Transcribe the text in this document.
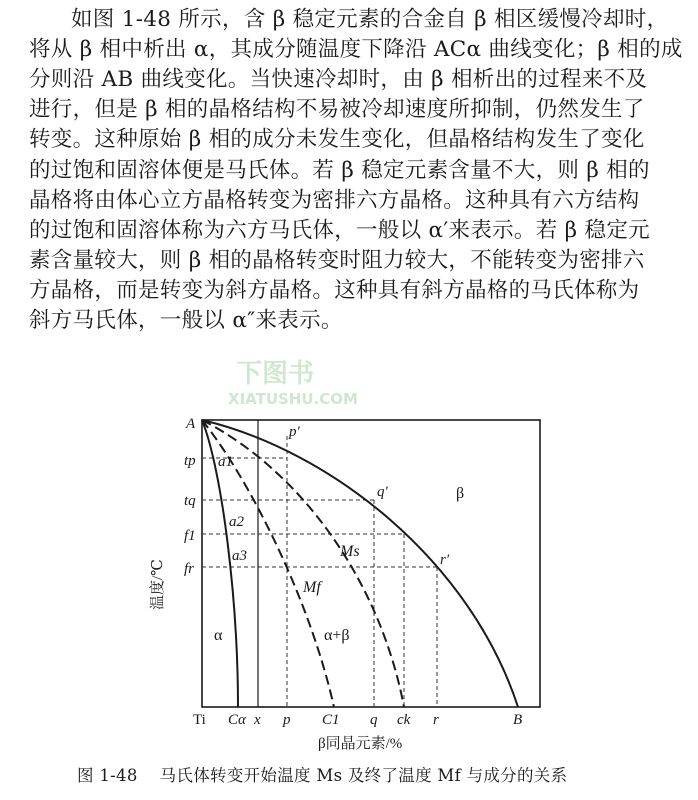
如图 1-48 所示，含 β 稳定元素的合金自 β 相区缓慢冷却时，
将从 β 相中析出 α，其成分随温度下降沿 ACα 曲线变化；β 相的成
分则沿 AB 曲线变化。当快速冷却时，由 β 相析出的过程来不及
进行，但是 β 相的晶格结构不易被冷却速度所抑制，仍然发生了
转变。这种原始 β 相的成分未发生变化，但晶格结构发生了变化
的过饱和固溶体便是马氏体。若 β 稳定元素含量不大，则 β 相的
晶格将由体心立方晶格转变为密排六方晶格。这种具有六方结构
的过饱和固溶体称为六方马氏体，一般以 α′来表示。若 β 稳定元
素含量较大，则 β 相的晶格转变时阻力较大，不能转变为密排六
方晶格，而是转变为斜方晶格。这种具有斜方晶格的马氏体称为
斜方马氏体，一般以 α″来表示。
下图书
XIATUSHU.COM
A
tp
tq
f1
fr
Ti Cα x p C1 q ck r	B
p′
q′
r′
a1
a2
a3
β
α	α+β
Ms
Mf
β同晶元素/%
温度/℃
图 1-48 马氏体转变开始温度 Ms 及终了温度 Mf 与成分的关系
